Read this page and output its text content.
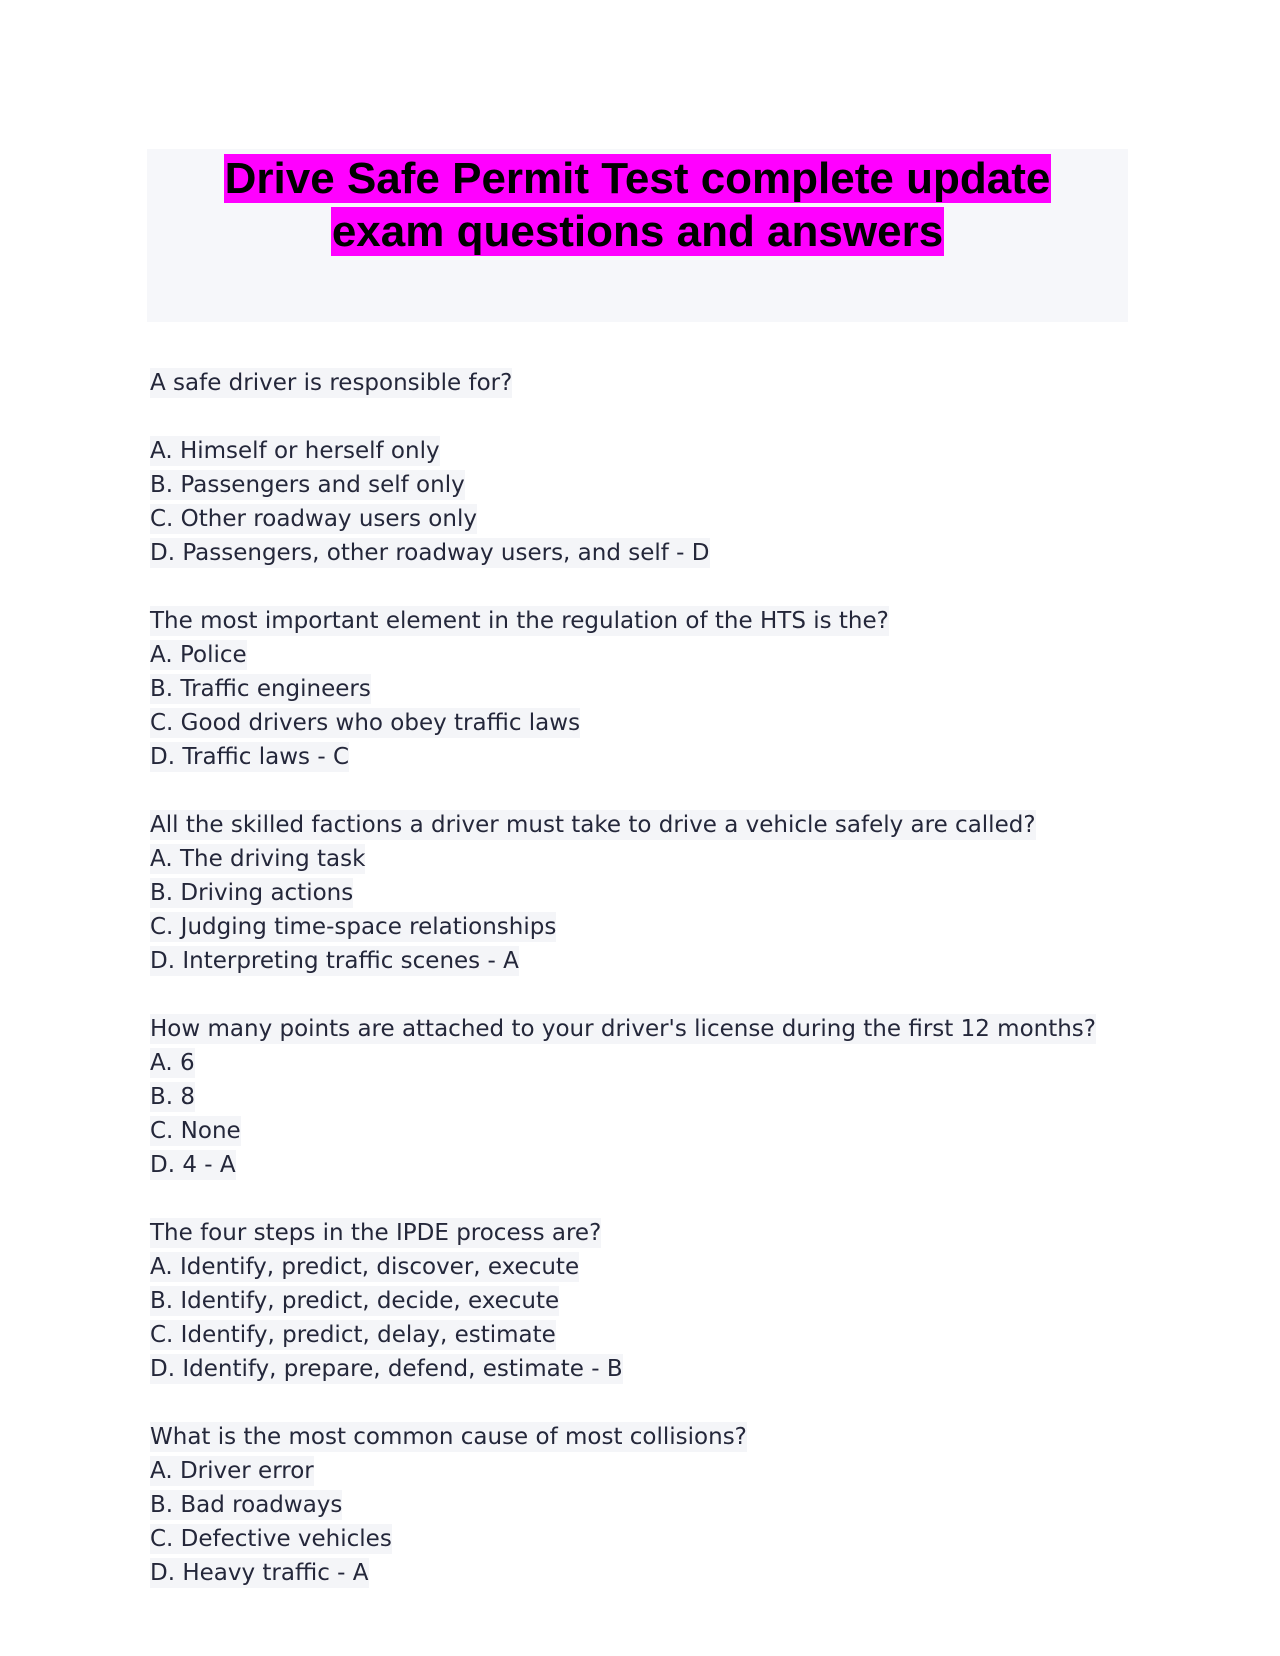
Drive Safe Permit Test complete update
exam questions and answers
A safe driver is responsible for?
A. Himself or herself only
B. Passengers and self only
C. Other roadway users only
D. Passengers, other roadway users, and self - D
The most important element in the regulation of the HTS is the?
A. Police
B. Traffic engineers
C. Good drivers who obey traffic laws
D. Traffic laws - C
All the skilled factions a driver must take to drive a vehicle safely are called?
A. The driving task
B. Driving actions
C. Judging time-space relationships
D. Interpreting traffic scenes - A
How many points are attached to your driver's license during the first 12 months?
A. 6
B. 8
C. None
D. 4 - A
The four steps in the IPDE process are?
A. Identify, predict, discover, execute
B. Identify, predict, decide, execute
C. Identify, predict, delay, estimate
D. Identify, prepare, defend, estimate - B
What is the most common cause of most collisions?
A. Driver error
B. Bad roadways
C. Defective vehicles
D. Heavy traffic - A
